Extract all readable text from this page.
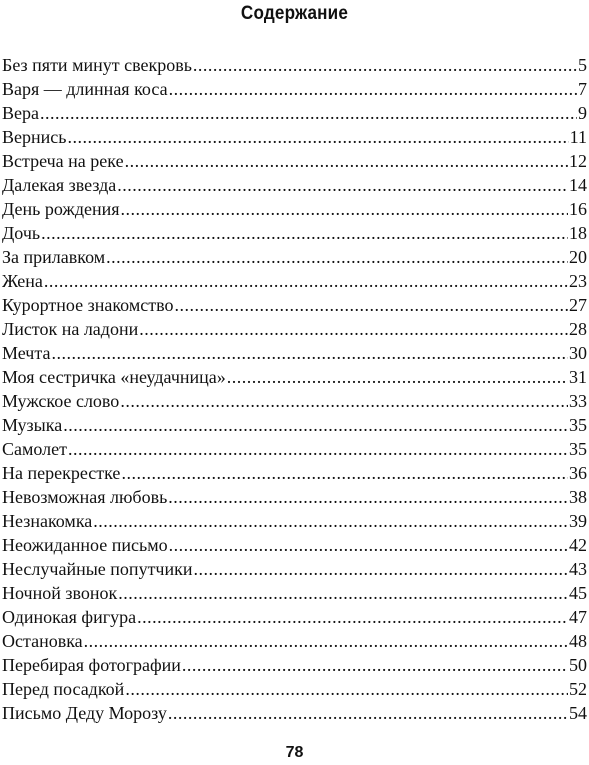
Содержание
Без пяти минут свекровь .....	5
Варя — длинная коса .....	7
Вера .....	9
Вернись .....	11
Встреча на реке .....	12
Далекая звезда .....	14
День рождения .....	16
Дочь .....	18
За прилавком .....	20
Жена .....	23
Курортное знакомство .....	27
Листок на ладони .....	28
Мечта .....	30
Моя сестричка «неудачница» .....	31
Мужское слово .....	33
Музыка .....	35
Самолет .....	35
На перекрестке .....	36
Невозможная любовь .....	38
Незнакомка .....	39
Неожиданное письмо .....	42
Неслучайные попутчики .....	43
Ночной звонок .....	45
Одинокая фигура .....	47
Остановка .....	48
Перебирая фотографии .....	50
Перед посадкой .....	52
Письмо Деду Морозу .....	54
78
